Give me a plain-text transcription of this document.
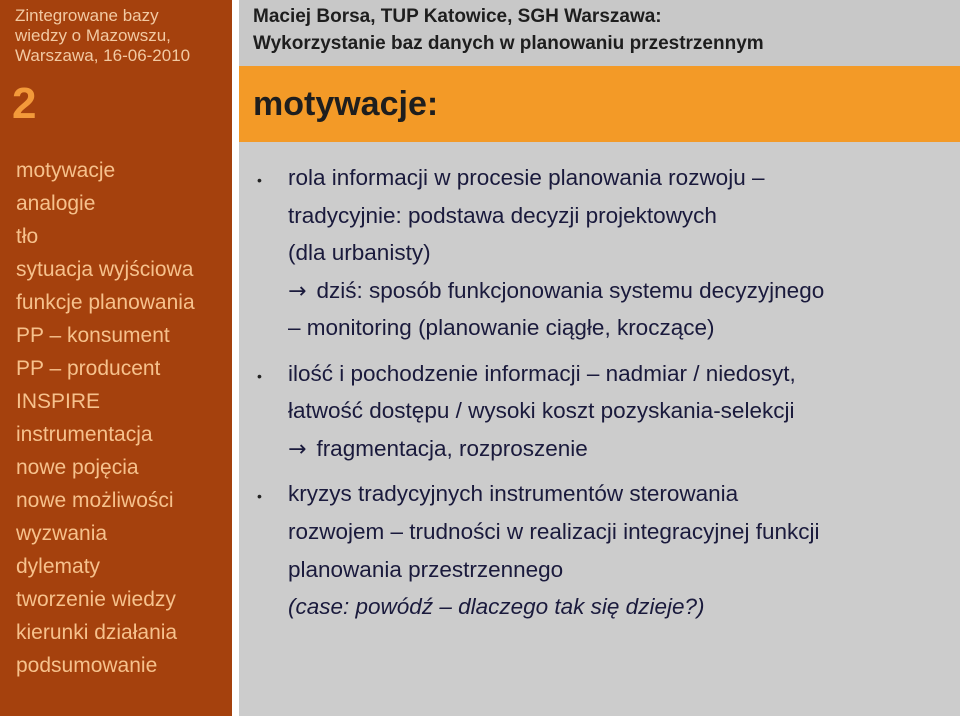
Zintegrowane bazy
wiedzy o Mazowszu,
Warszawa, 16-06-2010
2
motywacje
analogie
tło
sytuacja wyjściowa
funkcje planowania
PP – konsument
PP – producent
INSPIRE
instrumentacja
nowe pojęcia
nowe możliwości
wyzwania
dylematy
tworzenie wiedzy
kierunki działania
podsumowanie
Maciej Borsa, TUP Katowice, SGH Warszawa:
Wykorzystanie baz danych w planowaniu przestrzennym
motywacje:
• rola informacji w procesie planowania rozwoju –
tradycyjnie: podstawa decyzji projektowych
(dla urbanisty)
→ dziś: sposób funkcjonowania systemu decyzyjnego
– monitoring (planowanie ciągłe, kroczące)
• ilość i pochodzenie informacji – nadmiar / niedosyt,
łatwość dostępu / wysoki koszt pozyskania-selekcji
→ fragmentacja, rozproszenie
• kryzys tradycyjnych instrumentów sterowania
rozwojem – trudności w realizacji integracyjnej funkcji
planowania przestrzennego
(case: powódź – dlaczego tak się dzieje?)
